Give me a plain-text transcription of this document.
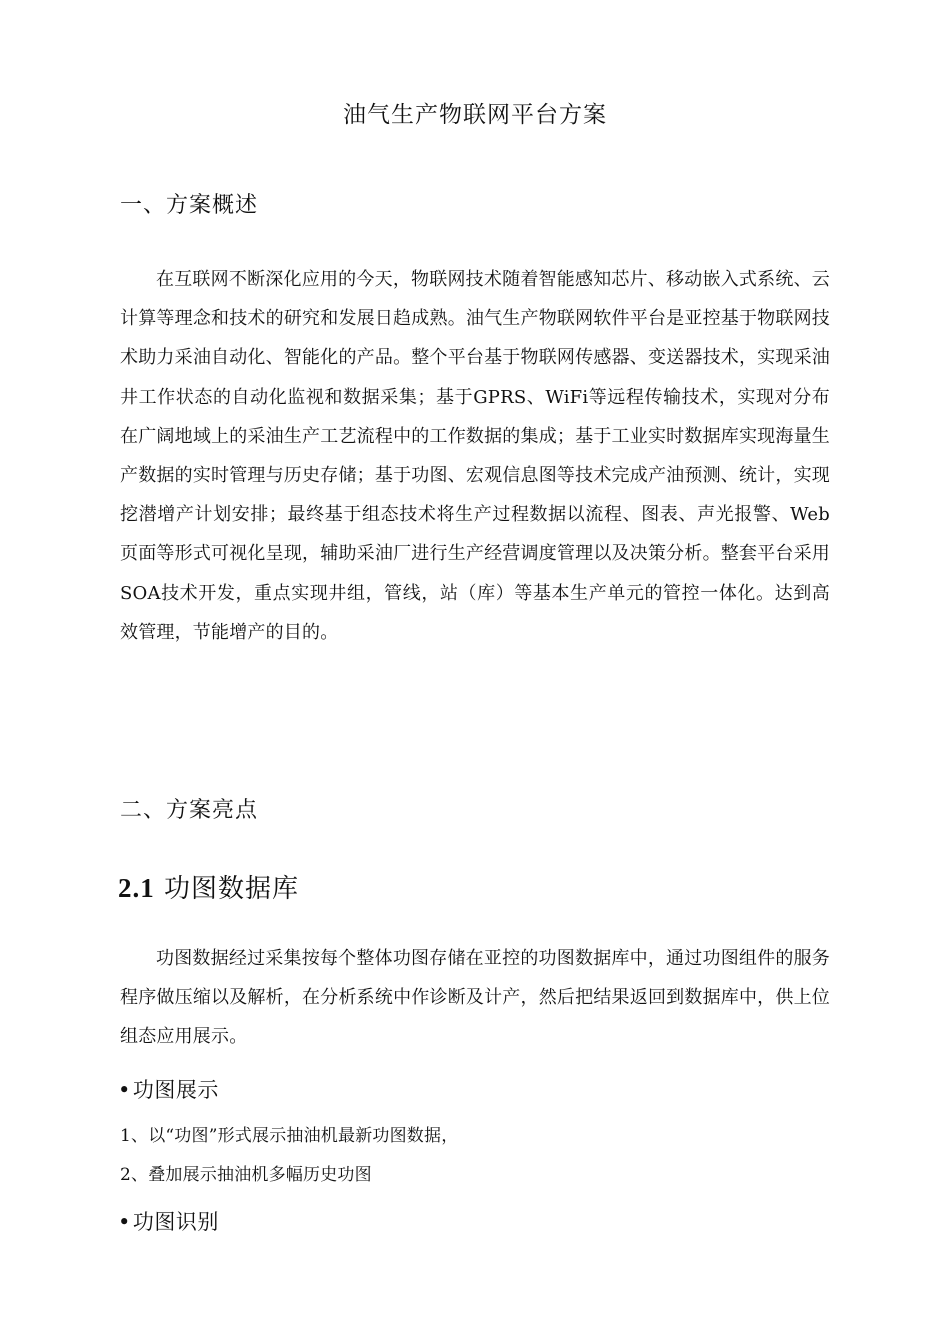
油气生产物联网平台方案
一、方案概述

在互联网不断深化应用的今天，物联网技术随着智能感知芯片、移动嵌入式系统、云计算等理念和技术的研究和发展日趋成熟。油气生产物联网软件平台是亚控基于物联网技术助力采油自动化、智能化的产品。整个平台基于物联网传感器、变送器技术，实现采油井工作状态的自动化监视和数据采集；基于GPRS、WiFi等远程传输技术，实现对分布在广阔地域上的采油生产工艺流程中的工作数据的集成；基于工业实时数据库实现海量生产数据的实时管理与历史存储；基于功图、宏观信息图等技术完成产油预测、统计，实现挖潜增产计划安排；最终基于组态技术将生产过程数据以流程、图表、声光报警、Web页面等形式可视化呈现，辅助采油厂进行生产经营调度管理以及决策分析。整套平台采用SOA技术开发，重点实现井组，管线，站（库）等基本生产单元的管控一体化。达到高效管理，节能增产的目的。

二、方案亮点
2.1 功图数据库

功图数据经过采集按每个整体功图存储在亚控的功图数据库中，通过功图组件的服务程序做压缩以及解析，在分析系统中作诊断及计产，然后把结果返回到数据库中，供上位组态应用展示。

•功图展示

1、以“功图”形式展示抽油机最新功图数据，

2、叠加展示抽油机多幅历史功图

•功图识别
